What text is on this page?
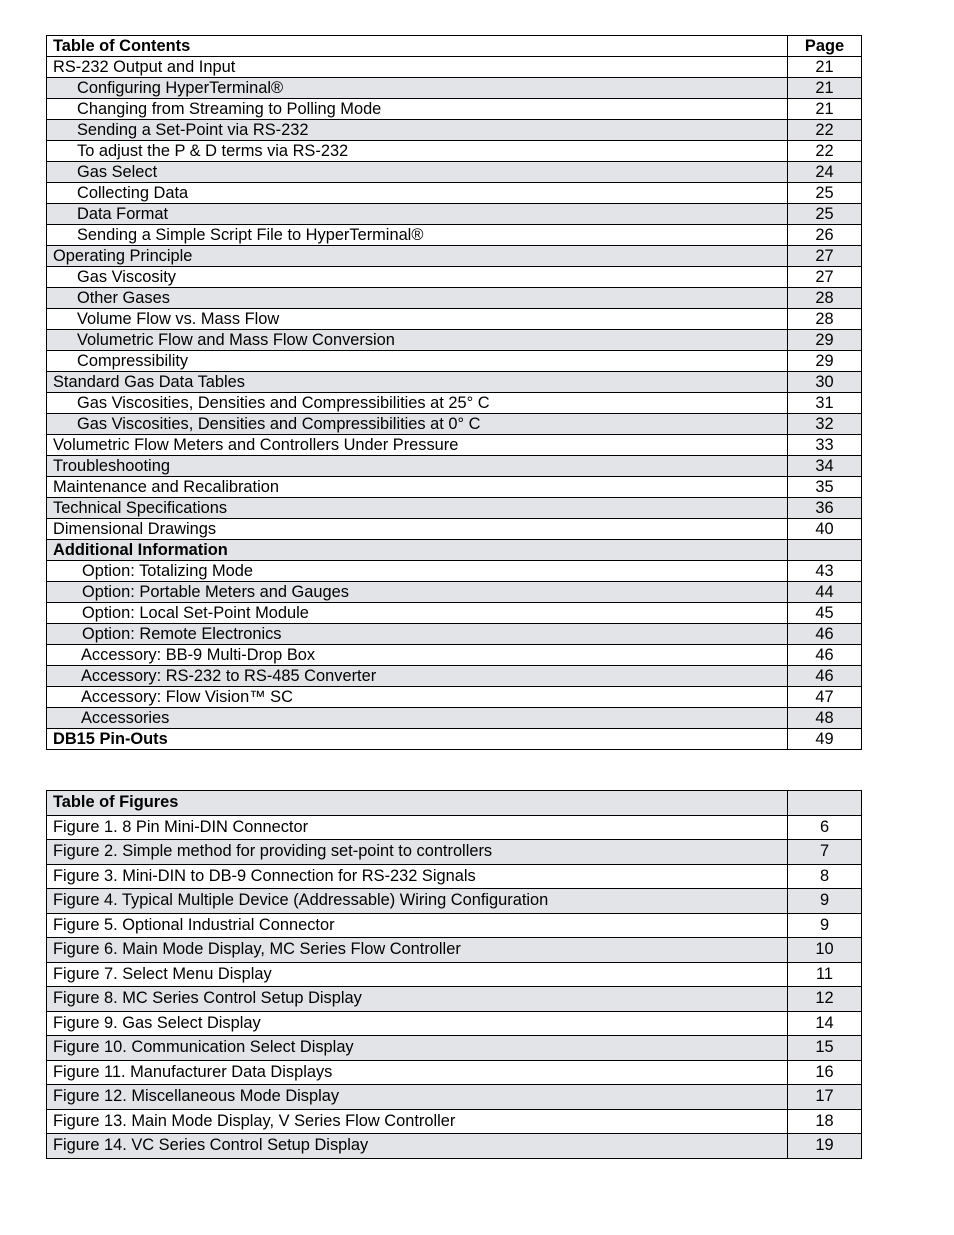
Table of Contents	Page
RS-232 Output and Input	21
Configuring HyperTerminal®	21
Changing from Streaming to Polling Mode	21
Sending a Set-Point via RS-232	22
To adjust the P & D terms via RS-232	22
Gas Select	24
Collecting Data	25
Data Format	25
Sending a Simple Script File to HyperTerminal®	26
Operating Principle	27
Gas Viscosity	27
Other Gases	28
Volume Flow vs. Mass Flow	28
Volumetric Flow and Mass Flow Conversion	29
Compressibility	29
Standard Gas Data Tables	30
Gas Viscosities, Densities and Compressibilities at 25° C	31
Gas Viscosities, Densities and Compressibilities at 0° C	32
Volumetric Flow Meters and Controllers Under Pressure	33
Troubleshooting	34
Maintenance and Recalibration	35
Technical Specifications	36
Dimensional Drawings	40
Additional Information	
Option: Totalizing Mode	43
Option: Portable Meters and Gauges	44
Option: Local Set-Point Module	45
Option: Remote Electronics	46
Accessory: BB-9 Multi-Drop Box	46
Accessory: RS-232 to RS-485 Converter	46
Accessory: Flow Vision™ SC	47
Accessories	48
DB15 Pin-Outs	49
Table of Figures	
Figure 1. 8 Pin Mini-DIN Connector	6
Figure 2. Simple method for providing set-point to controllers	7
Figure 3. Mini-DIN to DB-9 Connection for RS-232 Signals	8
Figure 4. Typical Multiple Device (Addressable) Wiring Configuration	9
Figure 5. Optional Industrial Connector	9
Figure 6. Main Mode Display, MC Series Flow Controller	10
Figure 7. Select Menu Display	11
Figure 8. MC Series Control Setup Display	12
Figure 9. Gas Select Display	14
Figure 10. Communication Select Display	15
Figure 11. Manufacturer Data Displays	16
Figure 12. Miscellaneous Mode Display	17
Figure 13. Main Mode Display, V Series Flow Controller	18
Figure 14. VC Series Control Setup Display	19
